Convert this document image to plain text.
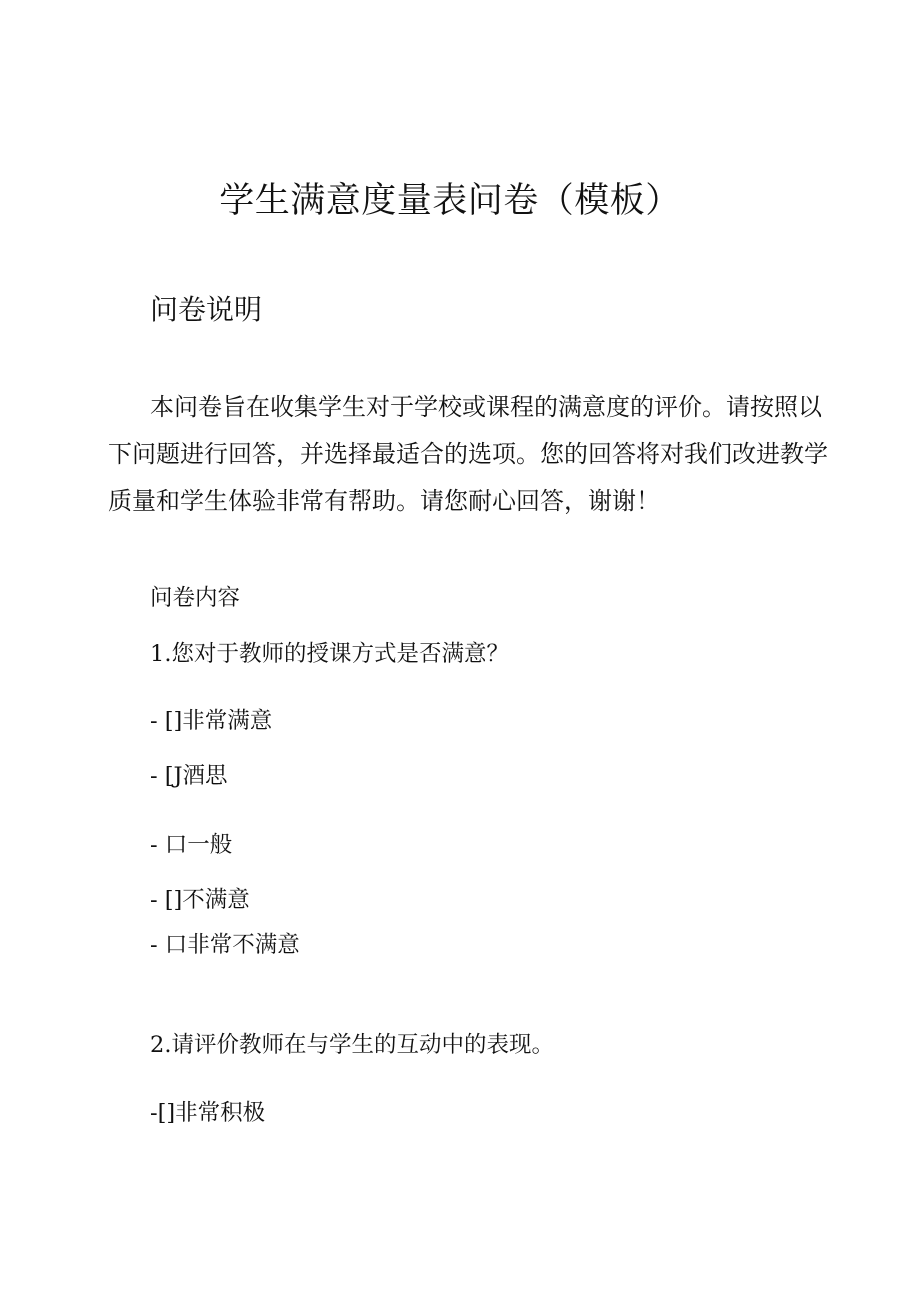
学生满意度量表问卷（模板）
问卷说明
本问卷旨在收集学生对于学校或课程的满意度的评价。请按照以
下问题进行回答，并选择最适合的选项。您的回答将对我们改进教学
质量和学生体验非常有帮助。请您耐心回答，谢谢！
问卷内容
1.您对于教师的授课方式是否满意？
- []非常满意
- [J酒思
- 口一般
- []不满意
- 口非常不满意
2.请评价教师在与学生的互动中的表现。
-[]非常积极
